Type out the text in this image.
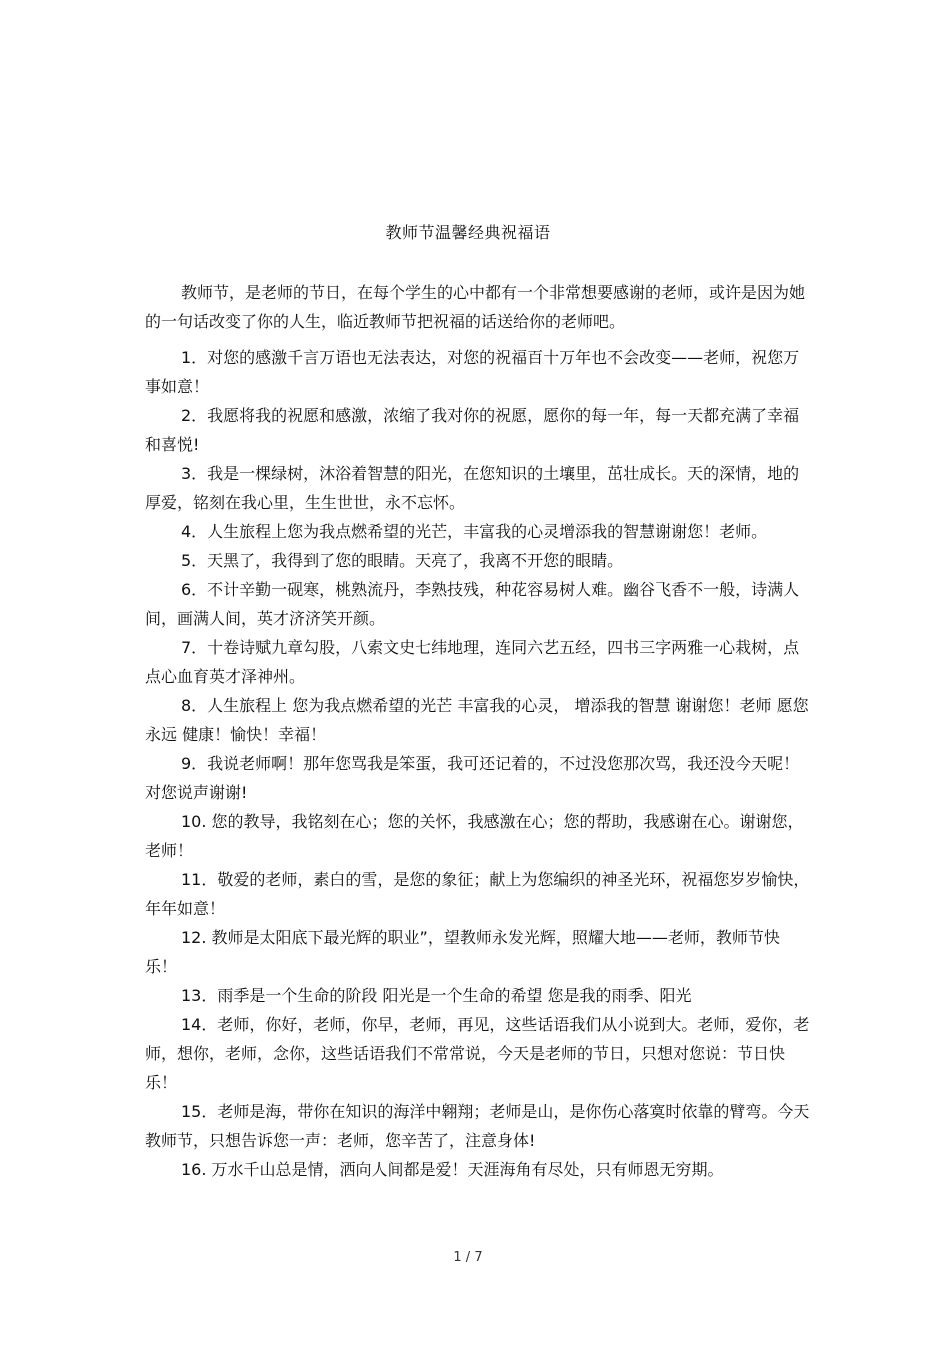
教师节温馨经典祝福语

教师节，是老师的节日，在每个学生的心中都有一个非常想要感谢的老师，或许是因为她的一句话改变了你的人生，临近教师节把祝福的话送给你的老师吧。

1．对您的感激千言万语也无法表达，对您的祝福百十万年也不会改变——老师，祝您万事如意！

2．我愿将我的祝愿和感激，浓缩了我对你的祝愿，愿你的每一年，每一天都充满了幸福和喜悦!

3．我是一棵绿树，沐浴着智慧的阳光，在您知识的土壤里，茁壮成长。天的深情，地的厚爱，铭刻在我心里，生生世世，永不忘怀。

4．人生旅程上您为我点燃希望的光芒，丰富我的心灵增添我的智慧谢谢您！老师。

5．天黑了，我得到了您的眼睛。天亮了，我离不开您的眼睛。

6．不计辛勤一砚寒，桃熟流丹，李熟技残，种花容易树人难。幽谷飞香不一般，诗满人间，画满人间，英才济济笑开颜。

7．十卷诗赋九章勾股，八索文史七纬地理，连同六艺五经，四书三字两雅一心栽树，点点心血育英才泽神州。

8．人生旅程上 您为我点燃希望的光芒 丰富我的心灵， 增添我的智慧 谢谢您！老师 愿您永远 健康！愉快！幸福！

9．我说老师啊！那年您骂我是笨蛋，我可还记着的，不过没您那次骂，我还没今天呢！对您说声谢谢!

10. 您的教导，我铭刻在心；您的关怀，我感激在心；您的帮助，我感谢在心。谢谢您，老师！

11．敬爱的老师，素白的雪，是您的象征；献上为您编织的神圣光环，祝福您岁岁愉快，年年如意！

12. 教师是太阳底下最光辉的职业”，望教师永发光辉，照耀大地——老师，教师节快乐！

13．雨季是一个生命的阶段 阳光是一个生命的希望 您是我的雨季、阳光

14．老师，你好，老师，你早，老师，再见，这些话语我们从小说到大。老师，爱你，老师，想你，老师，念你，这些话语我们不常常说，今天是老师的节日，只想对您说：节日快乐！

15．老师是海，带你在知识的海洋中翱翔；老师是山，是你伤心落寞时依靠的臂弯。今天教师节，只想告诉您一声：老师，您辛苦了，注意身体!

16. 万水千山总是情，洒向人间都是爱！天涯海角有尽处，只有师恩无穷期。

1 / 7
